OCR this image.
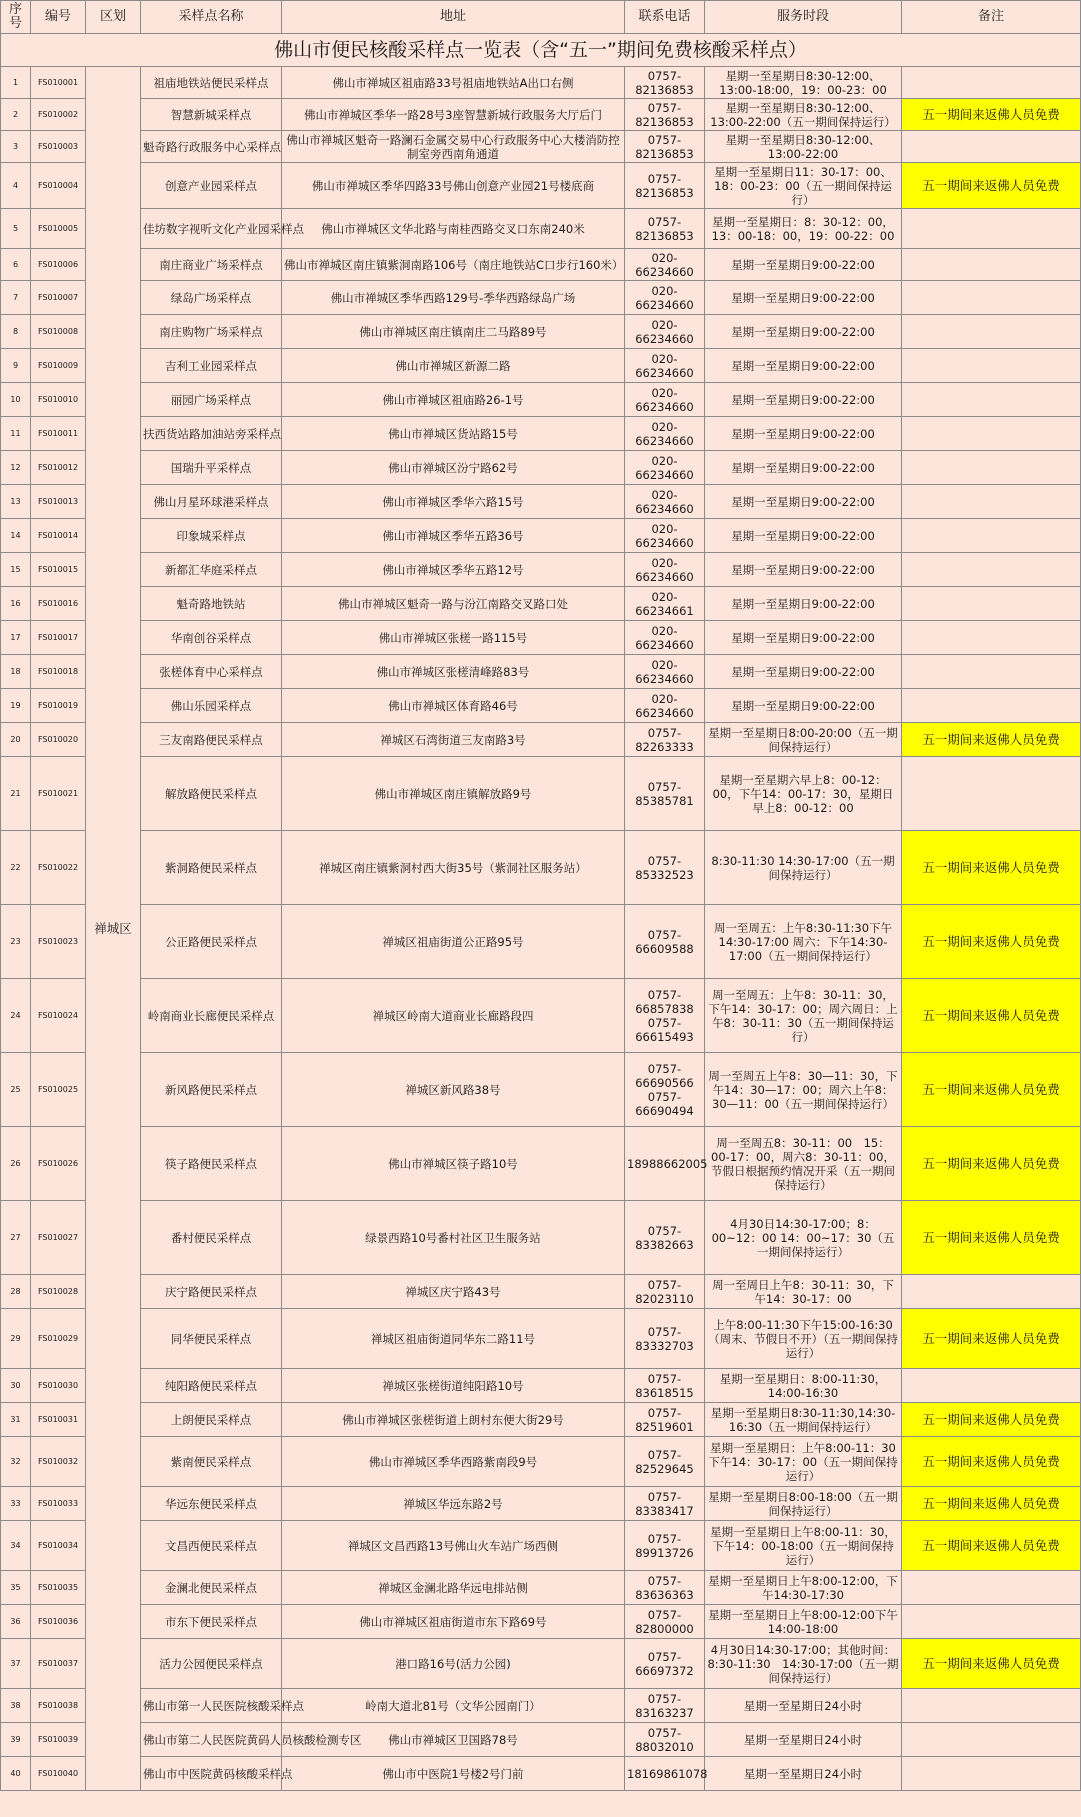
佛山市便民核酸采样点一览表（含“五一”期间免费核酸采样点）							
序号	编号	区划	采样点名称	地址	联系电话	服务时段	备注
1	FS010001	禅城区	祖庙地铁站便民采样点	佛山市禅城区祖庙路33号祖庙地铁站A出口右侧	0757-82136853	星期一至星期日8:30-12:00、13:00-18:00，19：00-23：00	
2	FS010002		智慧新城采样点	佛山市禅城区季华一路28号3座智慧新城行政服务大厅后门	0757-82136853	星期一至星期日8:30-12:00、13:00-22:00（五一期间保持运行）	五一期间来返佛人员免费
3	FS010003		魁奇路行政服务中心采样点	佛山市禅城区魁奇一路澜石金属交易中心行政服务中心大楼消防控制室旁西南角通道	0757-82136853	星期一至星期日8:30-12:00、13:00-22:00	
4	FS010004		创意产业园采样点	佛山市禅城区季华四路33号佛山创意产业园21号楼底商	0757-82136853	星期一至星期日11：30-17：00、18：00-23：00（五一期间保持运行）	五一期间来返佛人员免费
5	FS010005		佳坊数字视听文化产业园采样点	佛山市禅城区文华北路与南桂西路交叉口东南240米	0757-82136853	星期一至星期日：8：30-12：00，13：00-18：00，19：00-22：00	
6	FS010006		南庄商业广场采样点	佛山市禅城区南庄镇紫洞南路106号（南庄地铁站C口步行160米）	020-66234660	星期一至星期日9:00-22:00	
7	FS010007		绿岛广场采样点	佛山市禅城区季华西路129号-季华西路绿岛广场	020-66234660	星期一至星期日9:00-22:00	
8	FS010008		南庄购物广场采样点	佛山市禅城区南庄镇南庄二马路89号	020-66234660	星期一至星期日9:00-22:00	
9	FS010009		吉利工业园采样点	佛山市禅城区新源二路	020-66234660	星期一至星期日9:00-22:00	
10	FS010010		丽园广场采样点	佛山市禅城区祖庙路26-1号	020-66234660	星期一至星期日9:00-22:00	
11	FS010011		扶西货站路加油站旁采样点	佛山市禅城区货站路15号	020-66234660	星期一至星期日9:00-22:00	
12	FS010012		国瑞升平采样点	佛山市禅城区汾宁路62号	020-66234660	星期一至星期日9:00-22:00	
13	FS010013		佛山月星环球港采样点	佛山市禅城区季华六路15号	020-66234660	星期一至星期日9:00-22:00	
14	FS010014		印象城采样点	佛山市禅城区季华五路36号	020-66234660	星期一至星期日9:00-22:00	
15	FS010015		新都汇华庭采样点	佛山市禅城区季华五路12号	020-66234660	星期一至星期日9:00-22:00	
16	FS010016		魁奇路地铁站	佛山市禅城区魁奇一路与汾江南路交叉路口处	020-66234661	星期一至星期日9:00-22:00	
17	FS010017		华南创谷采样点	佛山市禅城区张槎一路115号	020-66234660	星期一至星期日9:00-22:00	
18	FS010018		张槎体育中心采样点	佛山市禅城区张槎清峰路83号	020-66234660	星期一至星期日9:00-22:00	
19	FS010019		佛山乐园采样点	佛山市禅城区体育路46号	020-66234660	星期一至星期日9:00-22:00	
20	FS010020		三友南路便民采样点	禅城区石湾街道三友南路3号	0757-82263333	星期一至星期日8:00-20:00（五一期间保持运行）	五一期间来返佛人员免费
21	FS010021		解放路便民采样点	佛山市禅城区南庄镇解放路9号	0757-85385781	星期一至星期六早上8：00-12：00，下午14：00-17：30，星期日早上8：00-12：00	
22	FS010022		紫洞路便民采样点	禅城区南庄镇紫洞村西大街35号（紫洞社区服务站）	0757-85332523	8:30-11:30 14:30-17:00（五一期间保持运行）	五一期间来返佛人员免费
23	FS010023		公正路便民采样点	禅城区祖庙街道公正路95号	0757-66609588	周一至周五：上午8:30-11:30下午14:30-17:00 周六：下午14:30-17:00（五一期间保持运行）	五一期间来返佛人员免费
24	FS010024		岭南商业长廊便民采样点	禅城区岭南大道商业长廊路段四	0757-66857838 0757-66615493	周一至周五：上午8：30-11：30，下午14：30-17：00；周六周日：上午8：30-11：30（五一期间保持运行）	五一期间来返佛人员免费
25	FS010025		新风路便民采样点	禅城区新风路38号	0757-66690566 0757-66690494	周一至周五上午8：30—11：30，下午14：30—17：00；周六上午8：30—11：00（五一期间保持运行）	五一期间来返佛人员免费
26	FS010026		筷子路便民采样点	佛山市禅城区筷子路10号	18988662005	周一至周五8：30-11：00　15：00-17：00，周六8：30-11：00，节假日根据预约情况开采（五一期间保持运行）	五一期间来返佛人员免费
27	FS010027		番村便民采样点	绿景西路10号番村社区卫生服务站	0757-83382663	4月30日14:30-17:00；8：00~12：00 14：00~17：30（五一期间保持运行）	五一期间来返佛人员免费
28	FS010028		庆宁路便民采样点	禅城区庆宁路43号	0757-82023110	周一至周日上午8：30-11：30，下午14：30-17：00	
29	FS010029		同华便民采样点	禅城区祖庙街道同华东二路11号	0757-83332703	上午8:00-11:30下午15:00-16:30（周末、节假日不开）（五一期间保持运行）	五一期间来返佛人员免费
30	FS010030		纯阳路便民采样点	禅城区张槎街道纯阳路10号	0757-83618515	星期一至星期日：8:00-11:30，14:00-16:30	
31	FS010031		上朗便民采样点	佛山市禅城区张槎街道上朗村东便大街29号	0757-82519601	星期一至星期日8:30-11:30,14:30-16:30（五一期间保持运行）	五一期间来返佛人员免费
32	FS010032		紫南便民采样点	佛山市禅城区季华西路紫南段9号	0757-82529645	星期一至星期日：上午8:00-11：30下午14：30-17：00（五一期间保持运行）	五一期间来返佛人员免费
33	FS010033		华远东便民采样点	禅城区华远东路2号	0757-83383417	星期一至星期日8:00-18:00（五一期间保持运行）	五一期间来返佛人员免费
34	FS010034		文昌西便民采样点	禅城区文昌西路13号佛山火车站广场西侧	0757-89913726	星期一至星期日上午8:00-11：30，下午14：00-18:00（五一期间保持运行）	五一期间来返佛人员免费
35	FS010035		金澜北便民采样点	禅城区金澜北路华远电排站侧	0757-83636363	星期一至星期日上午8:00-12:00，下午14:30-17:30	
36	FS010036		市东下便民采样点	佛山市禅城区祖庙街道市东下路69号	0757-82800000	星期一至星期日上午8:00-12:00下午14:00-18:00	
37	FS010037		活力公园便民采样点	港口路16号(活力公园)	0757-66697372	4月30日14:30-17:00；其他时间：8:30-11:30　14:30-17:00（五一期间保持运行）	五一期间来返佛人员免费
38	FS010038		佛山市第一人民医院核酸采样点	岭南大道北81号（文华公园南门）	0757-83163237	星期一至星期日24小时	
39	FS010039		佛山市第二人民医院黄码人员核酸检测专区	佛山市禅城区卫国路78号	0757-88032010	星期一至星期日24小时	
40	FS010040		佛山市中医院黄码核酸采样点	佛山市中医院1号楼2号门前	18169861078	星期一至星期日24小时	
